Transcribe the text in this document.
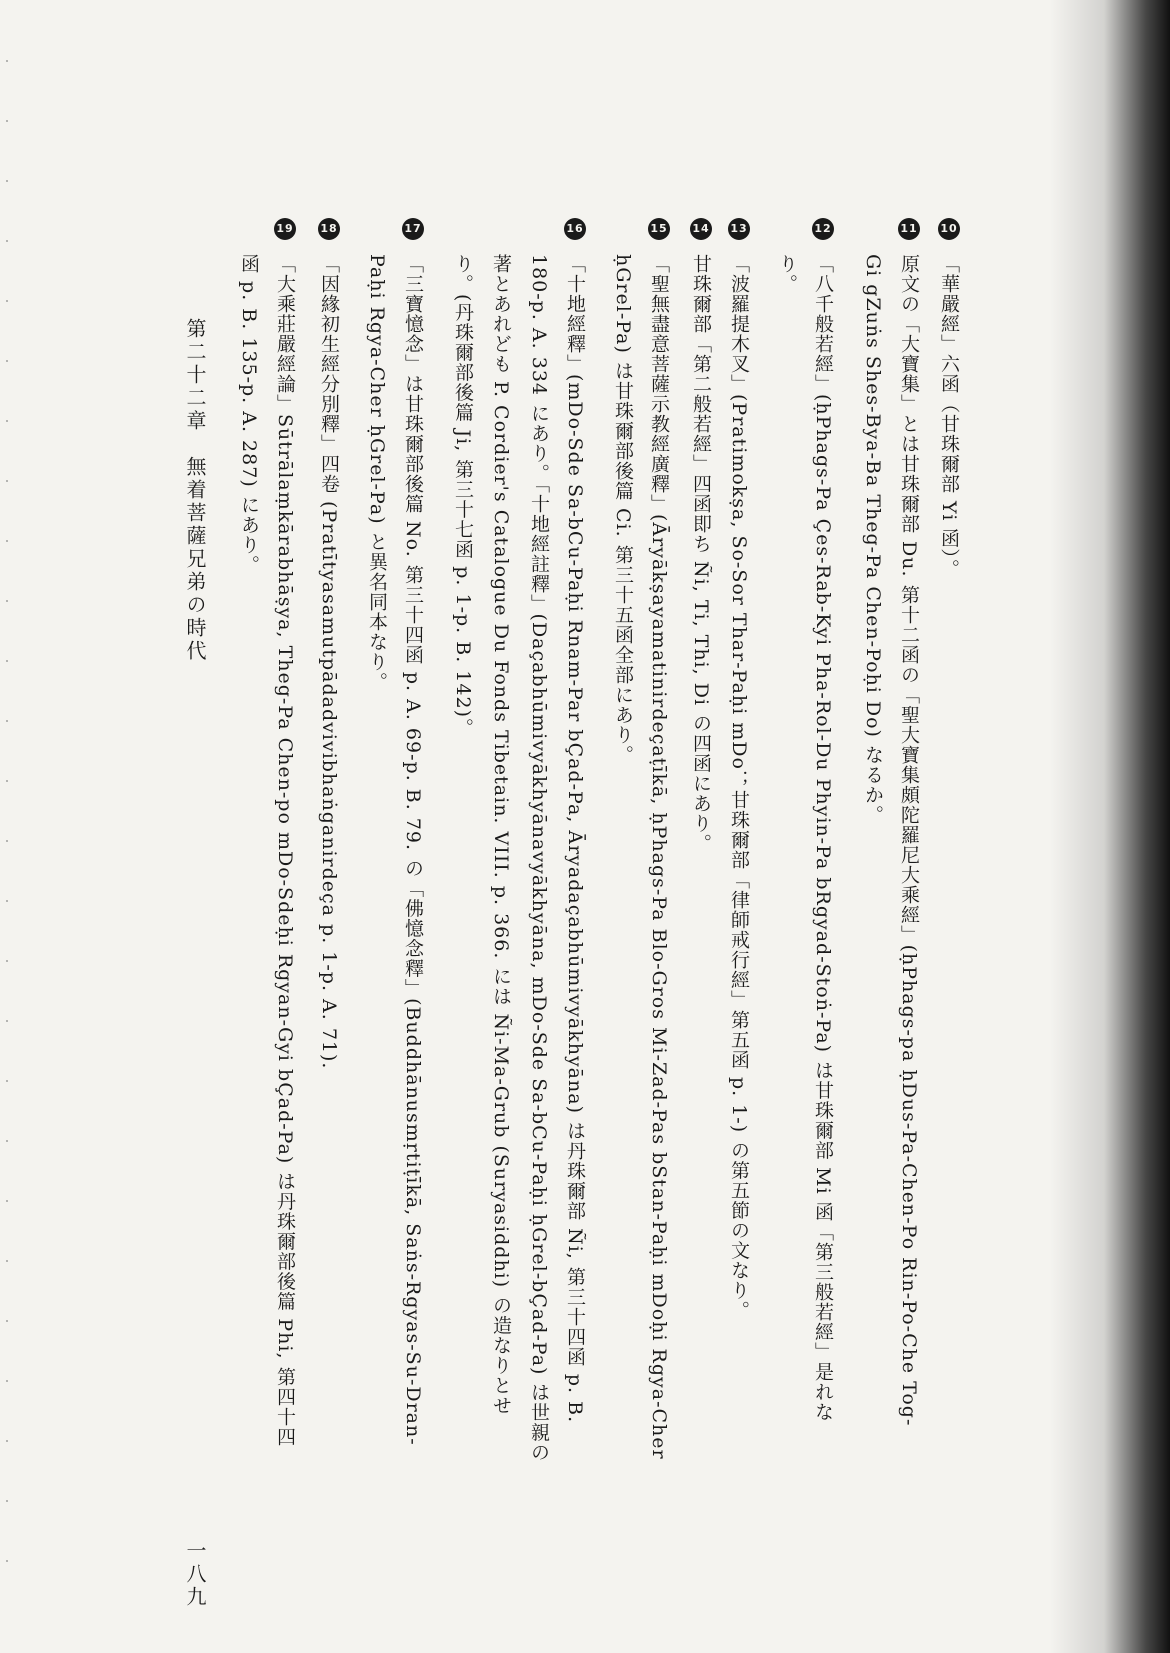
10「華嚴經」六函（甘珠爾部 Yi 函）。
11原文の「大寶集」とは甘珠爾部 Du. 第十二函の「聖大寶集頗陀羅尼大乘經」(ḥPhags-pa ḥDus-Pa-Chen-Po Rin-Po-Che Tog-
Gi gZuṅs Shes-Bya-Ba Theg-Pa Chen-Poḥi Do) なるか。
12「八千般若經」(ḥPhags-Pa Çes-Rab-Kyi Pha-Rol-Du Phyin-Pa bRgyad-Stoṅ-Pa) は甘珠爾部 Mi 函「第三般若經」是れな
り。
13「波羅提木叉」(Pratimokṣa, So-Sor Thar-Paḥi mDo；甘珠爾部「律師戒行經」第五函 p. 1-) の第五節の文なり。
14甘珠爾部「第二般若經」四函即ち Ñi, Ti, Thi, Di の四函にあり。
15「聖無盡意菩薩示教經廣釋」(Āryākṣayamatinirdeçaṭīkā, ḥPhags-Pa Blo-Gros Mi-Zad-Pas bStan-Paḥi mDoḥi Rgya-Cher
ḥGrel-Pa) は甘珠爾部後篇 Ci. 第三十五函全部にあり。
16「十地經釋」(mDo-Sde Sa-bCu-Paḥi Rnam-Par bÇad-Pa, Āryadaçabhūmivyākhyāna) は丹珠爾部 Ñi, 第三十四函 p. B.
180-p. A. 334 にあり。「十地經註釋」(Daçabhūmivyākhyānavyākhyāna, mDo-Sde Sa-bCu-Paḥi ḥGrel-bÇad-Pa) は世親の
著とあれども P. Cordier's Catalogue Du Fonds Tibetain. VIII. p. 366. には Ñi-Ma-Grub (Suryasiddhi) の造なりとせ
り。(丹珠爾部後篇 Ji, 第三十七函 p. 1-p. B. 142)。
17「三寶憶念」は甘珠爾部後篇 No. 第三十四函 p. A. 69-p. B. 79. の「佛憶念釋」(Buddhānusmṛtiṭīkā, Saṅs-Rgyas-Su-Dran-
Paḥi Rgya-Cher ḥGrel-Pa) と異名同本なり。
18「因緣初生經分別釋」四卷 (Pratītyasamutpādadvivibhaṅganirdeça p. 1-p. A. 71).
19「大乘莊嚴經論」Sūtrālaṃkārabhāṣya, Theg-Pa Chen-po mDo-Sdeḥi Rgyan-Gyi bÇad-Pa) は丹珠爾部後篇 Phi, 第四十四
函 p. B. 135-p. A. 287) にあり。
第二十二章　無着菩薩兄弟の時代
一八九
